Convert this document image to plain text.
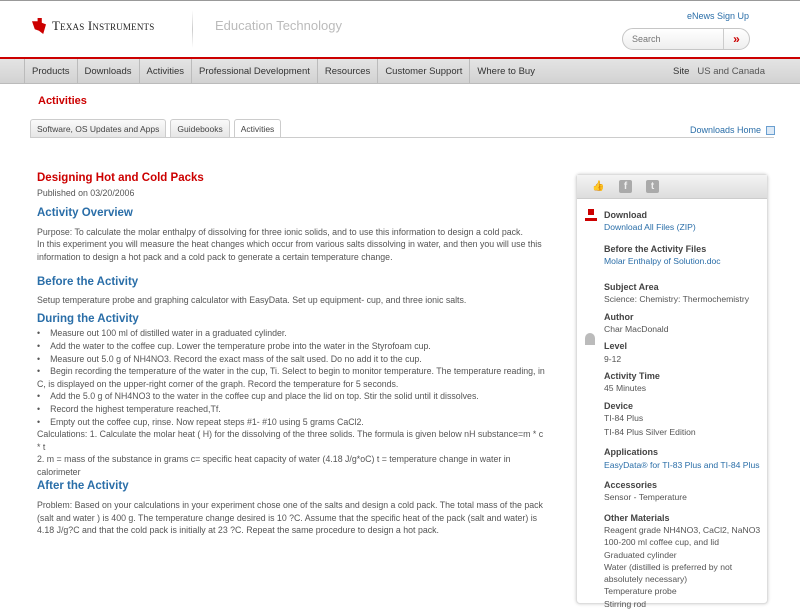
Texas Instruments	Education Technology
eNews Sign Up
Search
»
Products	Downloads	Activities	Professional Development	Resources	Customer Support	Where to Buy	Site US and Canada
Activities
Software, OS Updates and Apps	Guidebooks	Activities	Downloads Home
Designing Hot and Cold Packs

Published on 03/20/2006

Activity Overview

Purpose: To calculate the molar enthalpy of dissolving for three ionic solids, and to use this information to design a cold pack.

In this experiment you will measure the heat changes which occur from various salts dissolving in water, and then you will use this information to design a hot pack and a cold pack to generate a certain temperature change.

Before the Activity

Setup temperature probe and graphing calculator with EasyData. Set up equipment- cup, and three ionic salts.

During the Activity
• Measure out 100 ml of distilled water in a graduated cylinder.
• Add the water to the coffee cup. Lower the temperature probe into the water in the Styrofoam cup.
• Measure out 5.0 g of NH4NO3. Record the exact mass of the salt used. Do no add it to the cup.
• Begin recording the temperature of the water in the cup, Ti. Select to begin to monitor temperature. The temperature reading, in C, is displayed on the upper-right corner of the graph. Record the temperature for 5 seconds.
• Add the 5.0 g of NH4NO3 to the water in the coffee cup and place the lid on top. Stir the solid until it dissolves.
• Record the highest temperature reached,Tf.
• Empty out the coffee cup, rinse. Now repeat steps #1- #10 using 5 grams CaCl2.

Calculations: 1. Calculate the molar heat ( H) for the dissolving of the three solids. The formula is given below nH substance=m * c * t

2. m = mass of the substance in grams c= specific heat capacity of water (4.18 J/g*oC) t = temperature change in water in calorimeter

After the Activity

Problem: Based on your calculations in your experiment chose one of the salts and design a cold pack. The total mass of the pack (salt and water ) is 400 g. The temperature change desired is 10 ?C. Assume that the specific heat of the pack (salt and water) is 4.18 J/g?C and that the cold pack is initially at 23 ?C. Repeat the same procedure to design a hot pack.

👍	f	t
Download
Download All Files (ZIP)
Before the Activity Files
Molar Enthalpy of Solution.doc
Subject Area
Science: Chemistry: Thermochemistry
Author
Char MacDonald
Level
9-12
Activity Time
45 Minutes
Device
TI-84 Plus
TI-84 Plus Silver Edition
Applications
EasyData® for TI-83 Plus and TI-84 Plus
Accessories
Sensor - Temperature
Other Materials
Reagent grade NH4NO3, CaCl2, NaNO3
100-200 ml coffee cup, and lid
Graduated cylinder
Water (distilled is preferred by not absolutely necessary)
Temperature probe
Stirring rod
